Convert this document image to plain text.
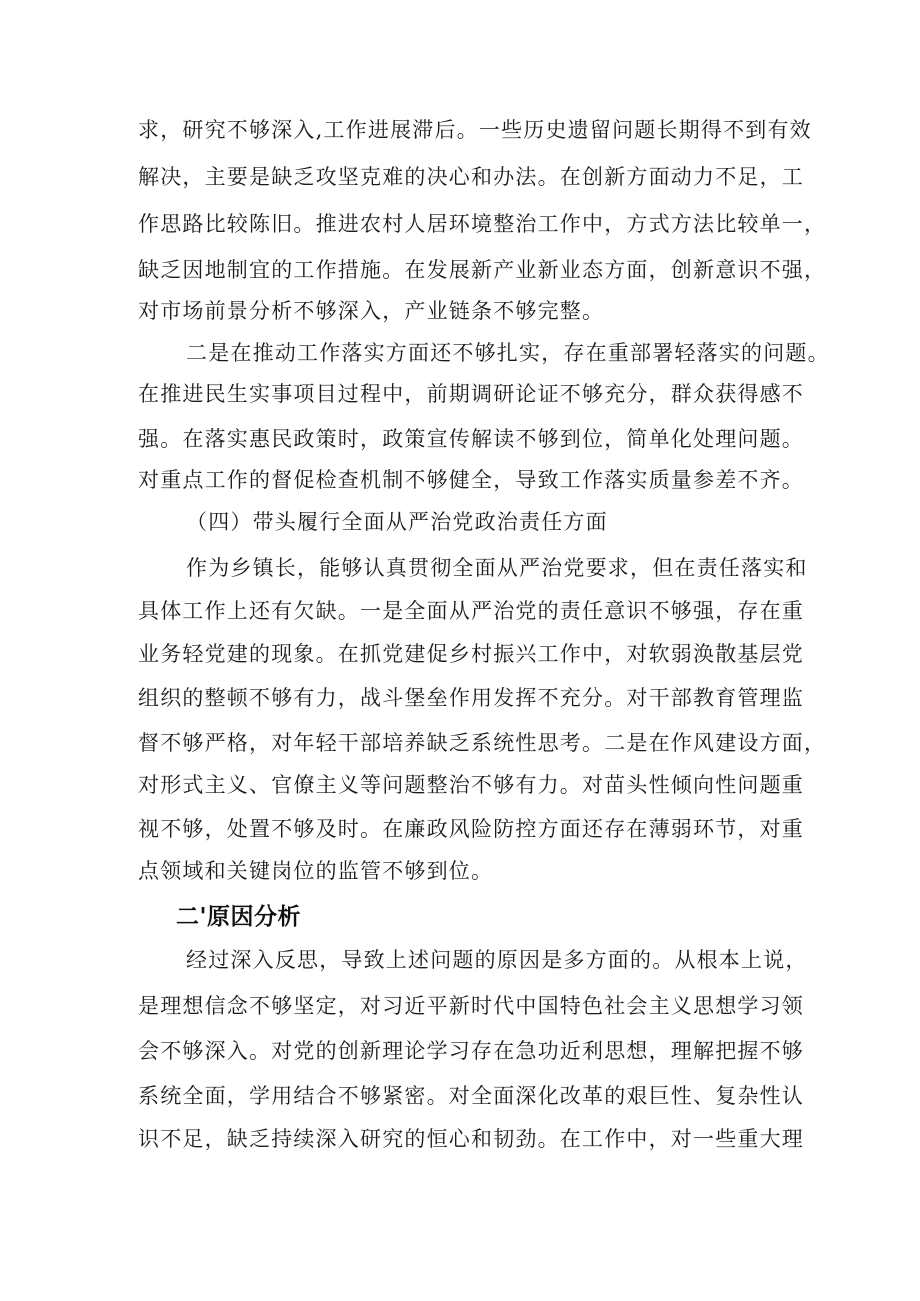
求，研究不够深入,工作进展滞后。一些历史遗留问题长期得不到有效
解决，主要是缺乏攻坚克难的决心和办法。在创新方面动力不足，工
作思路比较陈旧。推进农村人居环境整治工作中，方式方法比较单一，
缺乏因地制宜的工作措施。在发展新产业新业态方面，创新意识不强，
对市场前景分析不够深入，产业链条不够完整。
二是在推动工作落实方面还不够扎实，存在重部署轻落实的问题。
在推进民生实事项目过程中，前期调研论证不够充分，群众获得感不
强。在落实惠民政策时，政策宣传解读不够到位，简单化处理问题。
对重点工作的督促检查机制不够健全，导致工作落实质量参差不齐。
（四）带头履行全面从严治党政治责任方面
作为乡镇长，能够认真贯彻全面从严治党要求，但在责任落实和
具体工作上还有欠缺。一是全面从严治党的责任意识不够强，存在重
业务轻党建的现象。在抓党建促乡村振兴工作中，对软弱涣散基层党
组织的整顿不够有力，战斗堡垒作用发挥不充分。对干部教育管理监
督不够严格，对年轻干部培养缺乏系统性思考。二是在作风建设方面，
对形式主义、官僚主义等问题整治不够有力。对苗头性倾向性问题重
视不够，处置不够及时。在廉政风险防控方面还存在薄弱环节，对重
点领域和关键岗位的监管不够到位。
二'原因分析
经过深入反思，导致上述问题的原因是多方面的。从根本上说，
是理想信念不够坚定，对习近平新时代中国特色社会主义思想学习领
会不够深入。对党的创新理论学习存在急功近利思想，理解把握不够
系统全面，学用结合不够紧密。对全面深化改革的艰巨性、复杂性认
识不足，缺乏持续深入研究的恒心和韧劲。在工作中，对一些重大理
